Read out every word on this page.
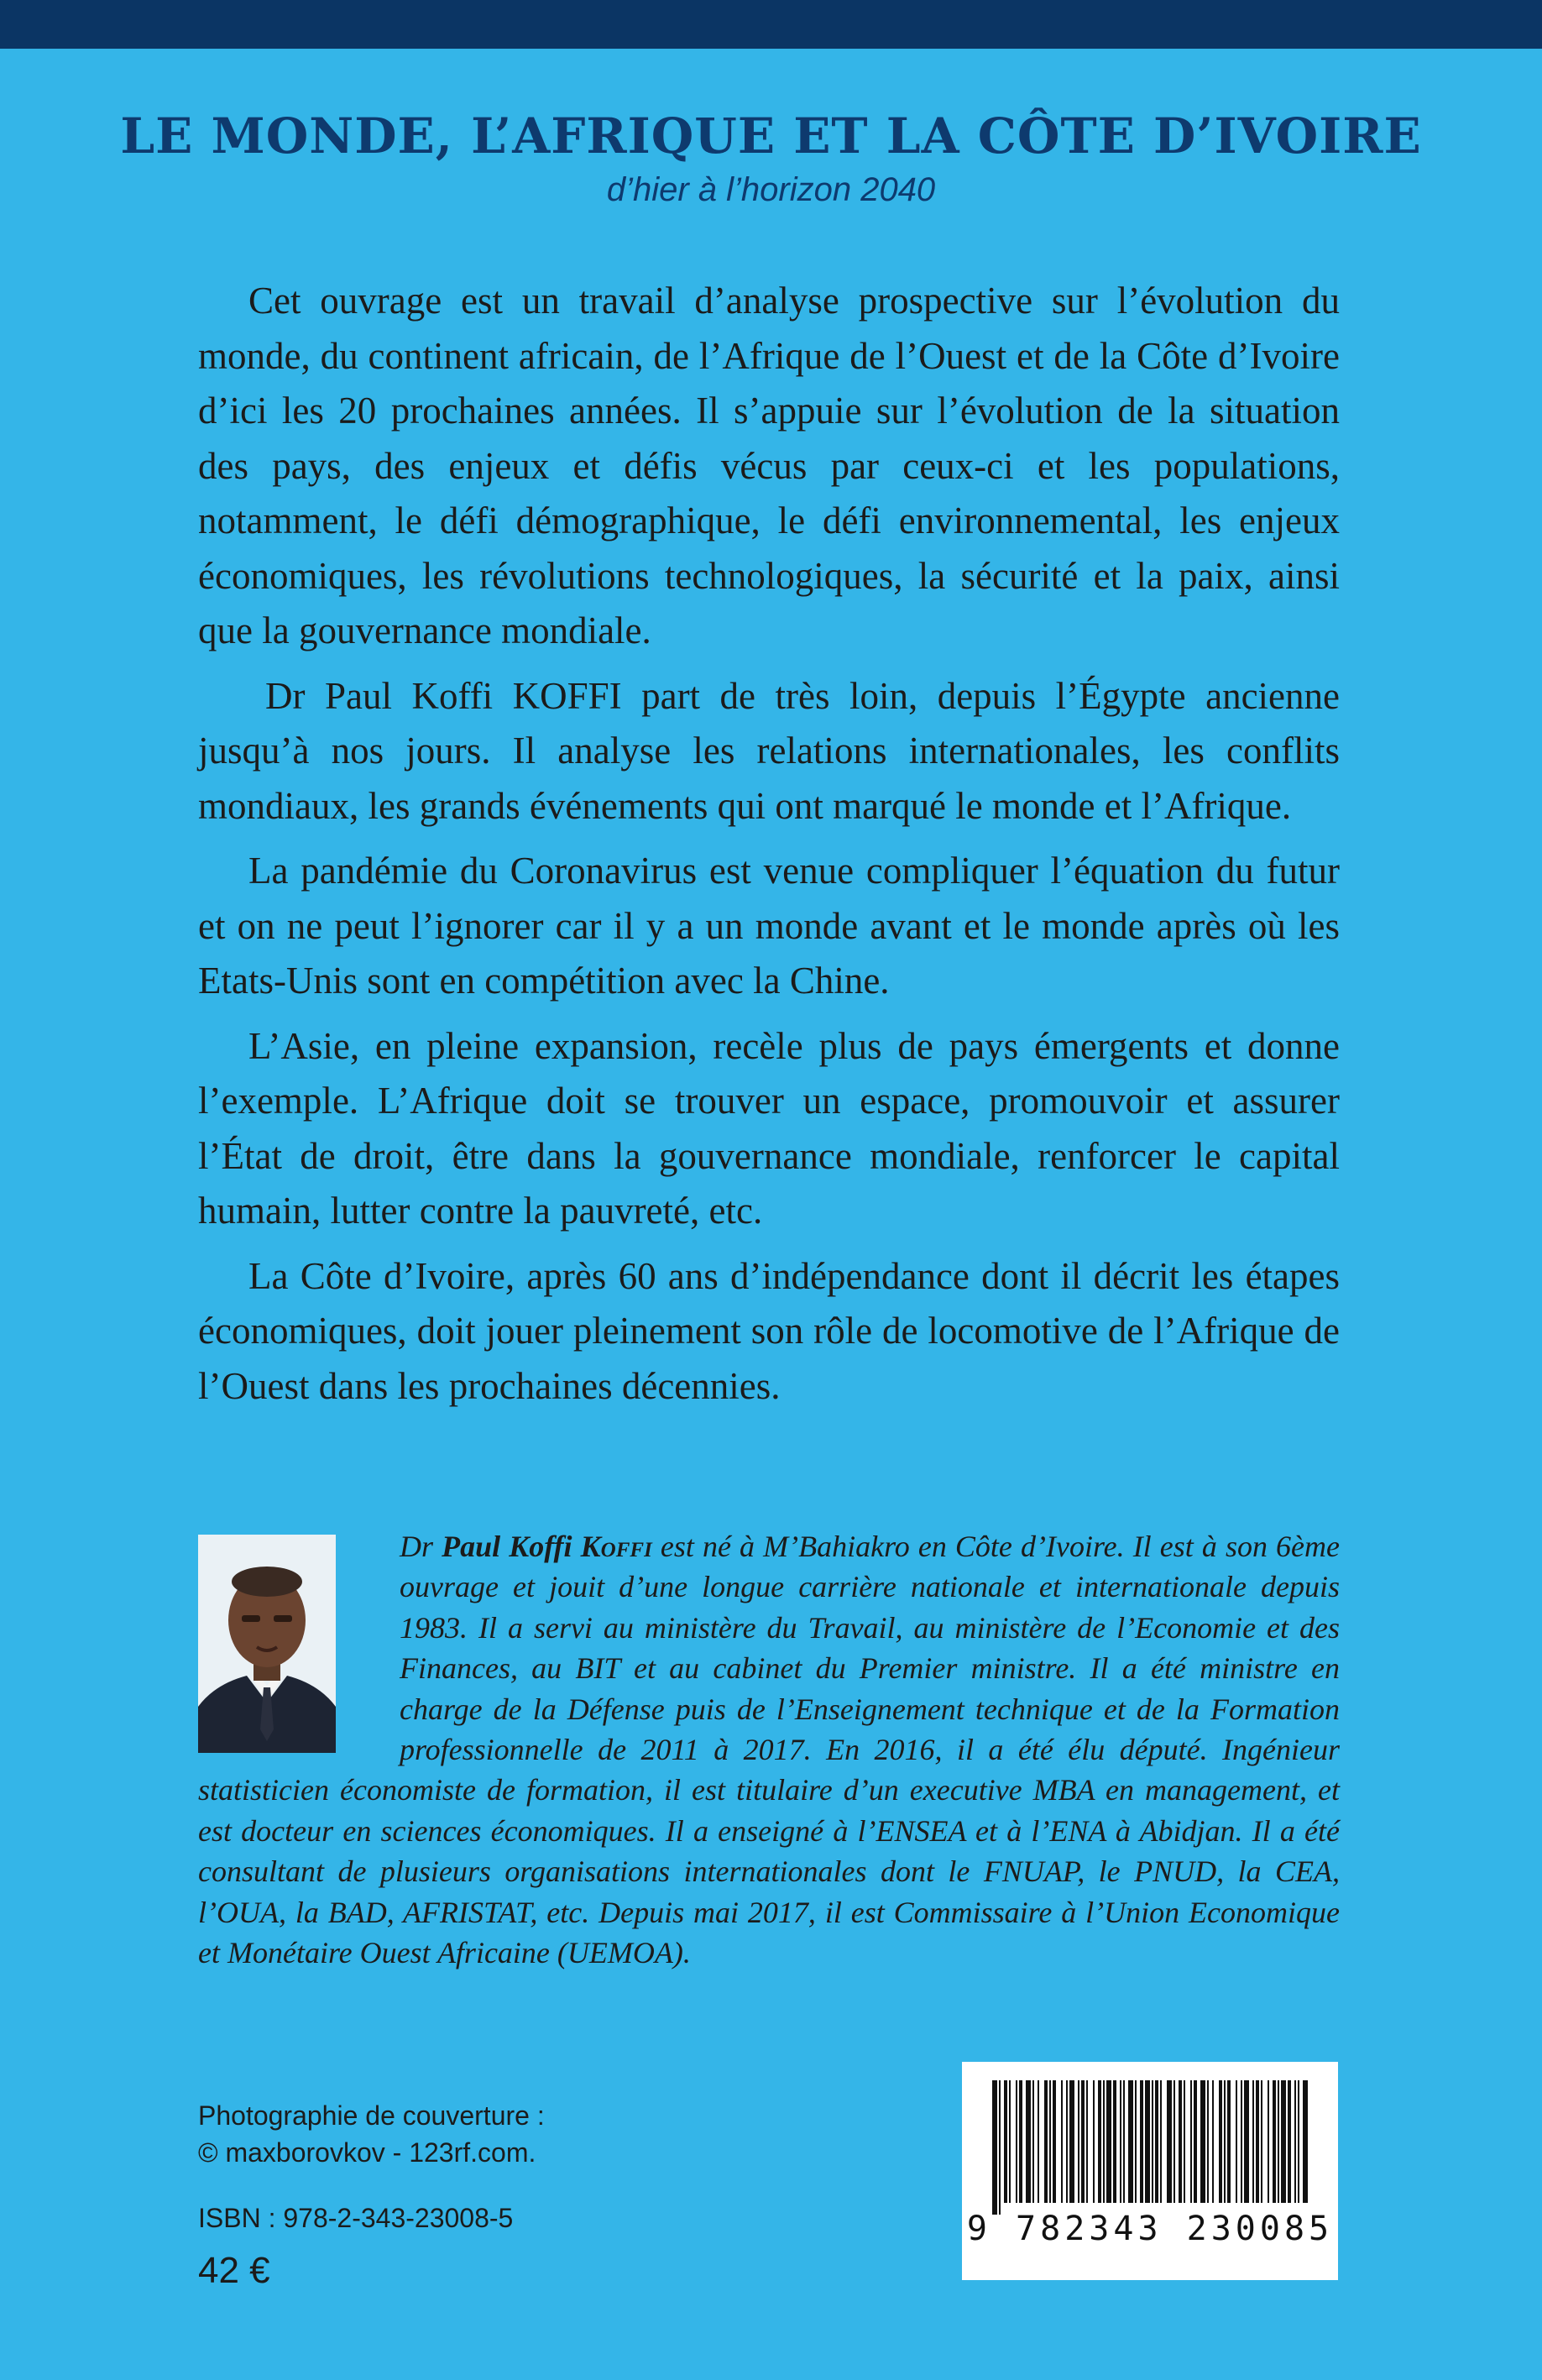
LE MONDE, L’AFRIQUE ET LA CÔTE D’IVOIRE

d’hier à l’horizon 2040

Cet ouvrage est un travail d’analyse prospective sur l’évolution du monde, du continent africain, de l’Afrique de l’Ouest et de la Côte d’Ivoire d’ici les 20 prochaines années. Il s’appuie sur l’évolution de la situation des pays, des enjeux et défis vécus par ceux-ci et les populations, notamment, le défi démographique, le défi environnemental, les enjeux économiques, les révolutions technologiques, la sécurité et la paix, ainsi que la gouvernance mondiale.

Dr Paul Koffi KOFFI part de très loin, depuis l’Égypte ancienne jusqu’à nos jours. Il analyse les relations internationales, les conflits mondiaux, les grands événements qui ont marqué le monde et l’Afrique.

La pandémie du Coronavirus est venue compliquer l’équation du futur et on ne peut l’ignorer car il y a un monde avant et le monde après où les Etats-Unis sont en compétition avec la Chine.

L’Asie, en pleine expansion, recèle plus de pays émergents et donne l’exemple. L’Afrique doit se trouver un espace, promouvoir et assurer l’État de droit, être dans la gouvernance mondiale, renforcer le capital humain, lutter contre la pauvreté, etc.

La Côte d’Ivoire, après 60 ans d’indépendance dont il décrit les étapes économiques, doit jouer pleinement son rôle de locomotive de l’Afrique de l’Ouest dans les prochaines décennies.

Dr Paul Koffi Koffi est né à M’Bahiakro en Côte d’Ivoire. Il est à son 6ème ouvrage et jouit d’une longue carrière nationale et internationale depuis 1983. Il a servi au ministère du Travail, au ministère de l’Economie et des Finances, au BIT et au cabinet du Premier ministre. Il a été ministre en charge de la Défense puis de l’Enseignement technique et de la Formation professionnelle de 2011 à 2017. En 2016, il a été élu député. Ingénieur statisticien économiste de formation, il est titulaire d’un executive MBA en management, et est docteur en sciences économiques. Il a enseigné à l’ENSEA et à l’ENA à Abidjan. Il a été consultant de plusieurs organisations internationales dont le FNUAP, le PNUD, la CEA, l’OUA, la BAD, AFRISTAT, etc. Depuis mai 2017, il est Commissaire à l’Union Economique et Monétaire Ouest Africaine (UEMOA).

Photographie de couverture :

© maxborovkov - 123rf.com.

ISBN : 978-2-343-23008-5

42 €

9 782343 230085
